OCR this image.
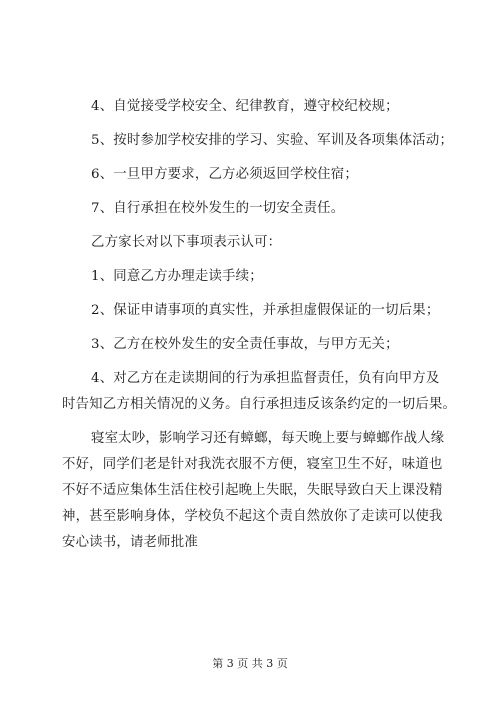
4、自觉接受学校安全、纪律教育，遵守校纪校规；

5、按时参加学校安排的学习、实验、军训及各项集体活动；

6、一旦甲方要求，乙方必须返回学校住宿；

7、自行承担在校外发生的一切安全责任。

乙方家长对以下事项表示认可：

1、同意乙方办理走读手续；

2、保证申请事项的真实性，并承担虚假保证的一切后果；

3、乙方在校外发生的安全责任事故，与甲方无关；

4、对乙方在走读期间的行为承担监督责任，负有向甲方及
时告知乙方相关情况的义务。自行承担违反该条约定的一切后果。
寝室太吵，影响学习还有蟑螂，每天晚上要与蟑螂作战人缘
不好，同学们老是针对我洗衣服不方便，寝室卫生不好，味道也
不好不适应集体生活住校引起晚上失眠，失眠导致白天上课没精
神，甚至影响身体，学校负不起这个责自然放你了走读可以使我
安心读书，请老师批准
第 3 页 共 3 页
